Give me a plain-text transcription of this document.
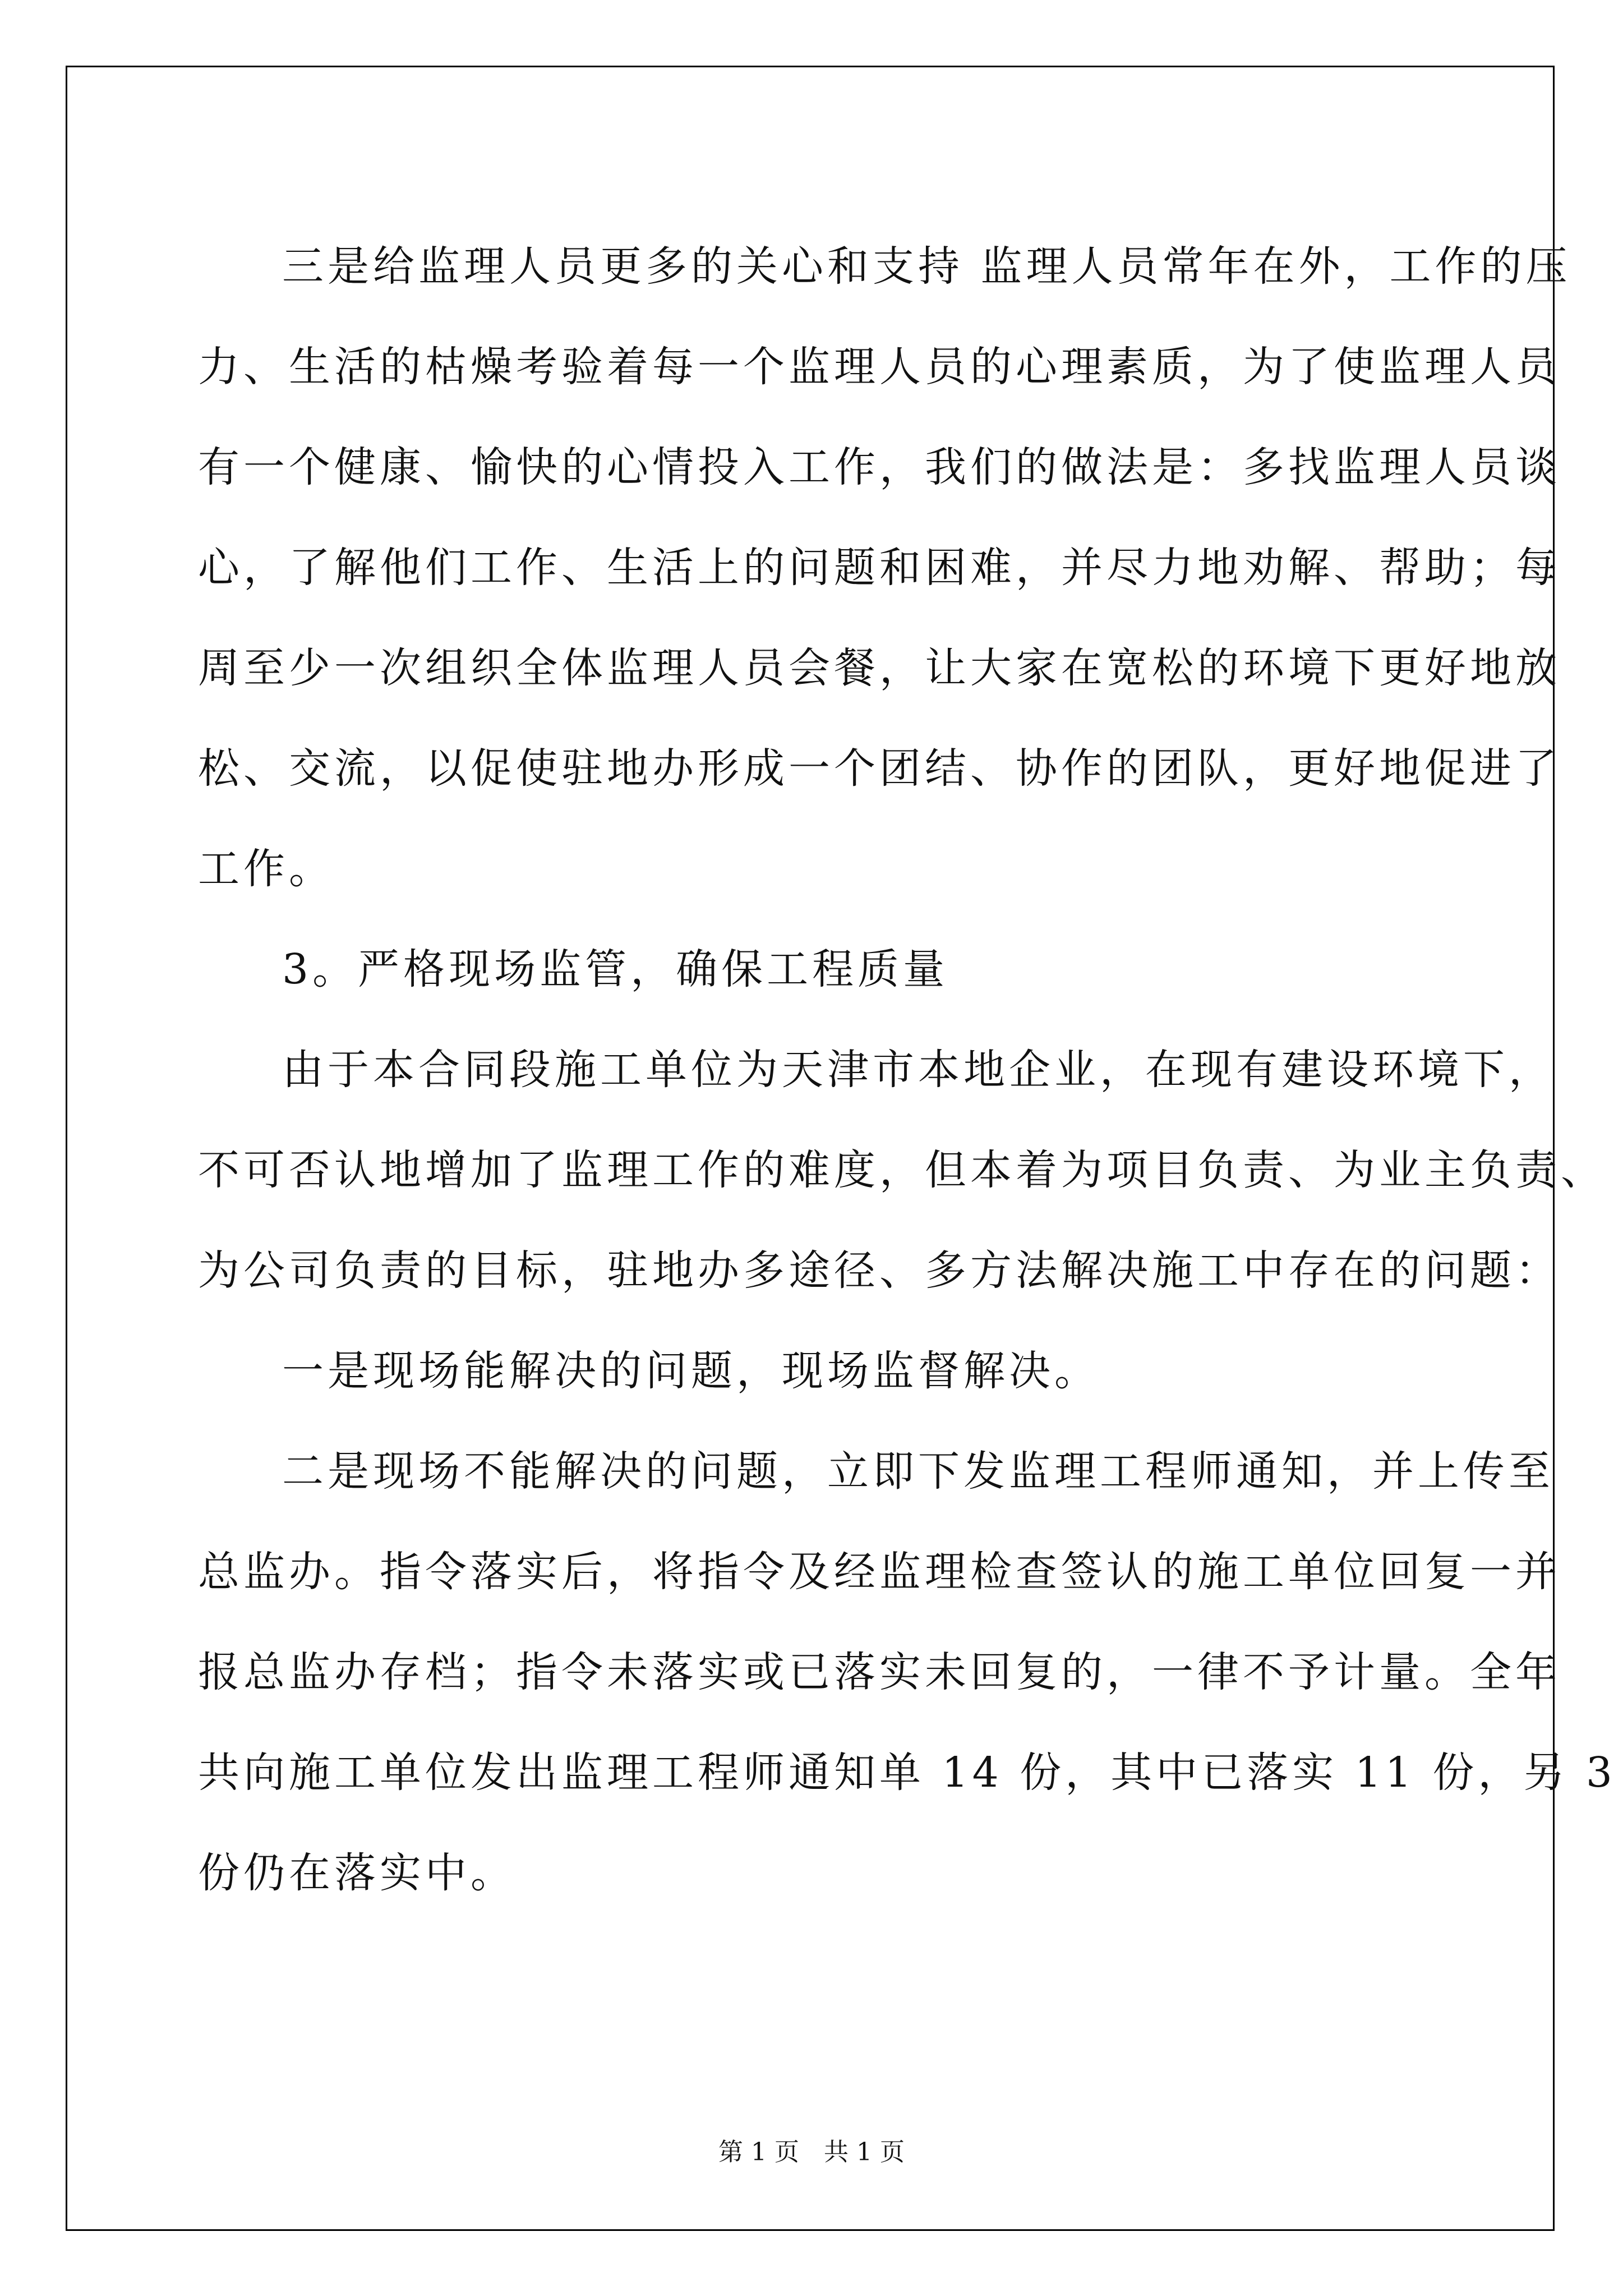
三是给监理人员更多的关心和支持 监理人员常年在外，工作的压
力、生活的枯燥考验着每一个监理人员的心理素质，为了使监理人员
有一个健康、愉快的心情投入工作，我们的做法是：多找监理人员谈
心，了解他们工作、生活上的问题和困难，并尽力地劝解、帮助；每
周至少一次组织全体监理人员会餐，让大家在宽松的环境下更好地放
松、交流，以促使驻地办形成一个团结、协作的团队，更好地促进了
工作。
3。严格现场监管，确保工程质量
由于本合同段施工单位为天津市本地企业，在现有建设环境下，
不可否认地增加了监理工作的难度，但本着为项目负责、为业主负责、
为公司负责的目标，驻地办多途径、多方法解决施工中存在的问题：
一是现场能解决的问题，现场监督解决。
二是现场不能解决的问题，立即下发监理工程师通知，并上传至
总监办。指令落实后，将指令及经监理检查签认的施工单位回复一并
报总监办存档；指令未落实或已落实未回复的，一律不予计量。全年
共向施工单位发出监理工程师通知单 14 份，其中已落实 11 份，另 3
份仍在落实中。
第 1 页　共 1 页
